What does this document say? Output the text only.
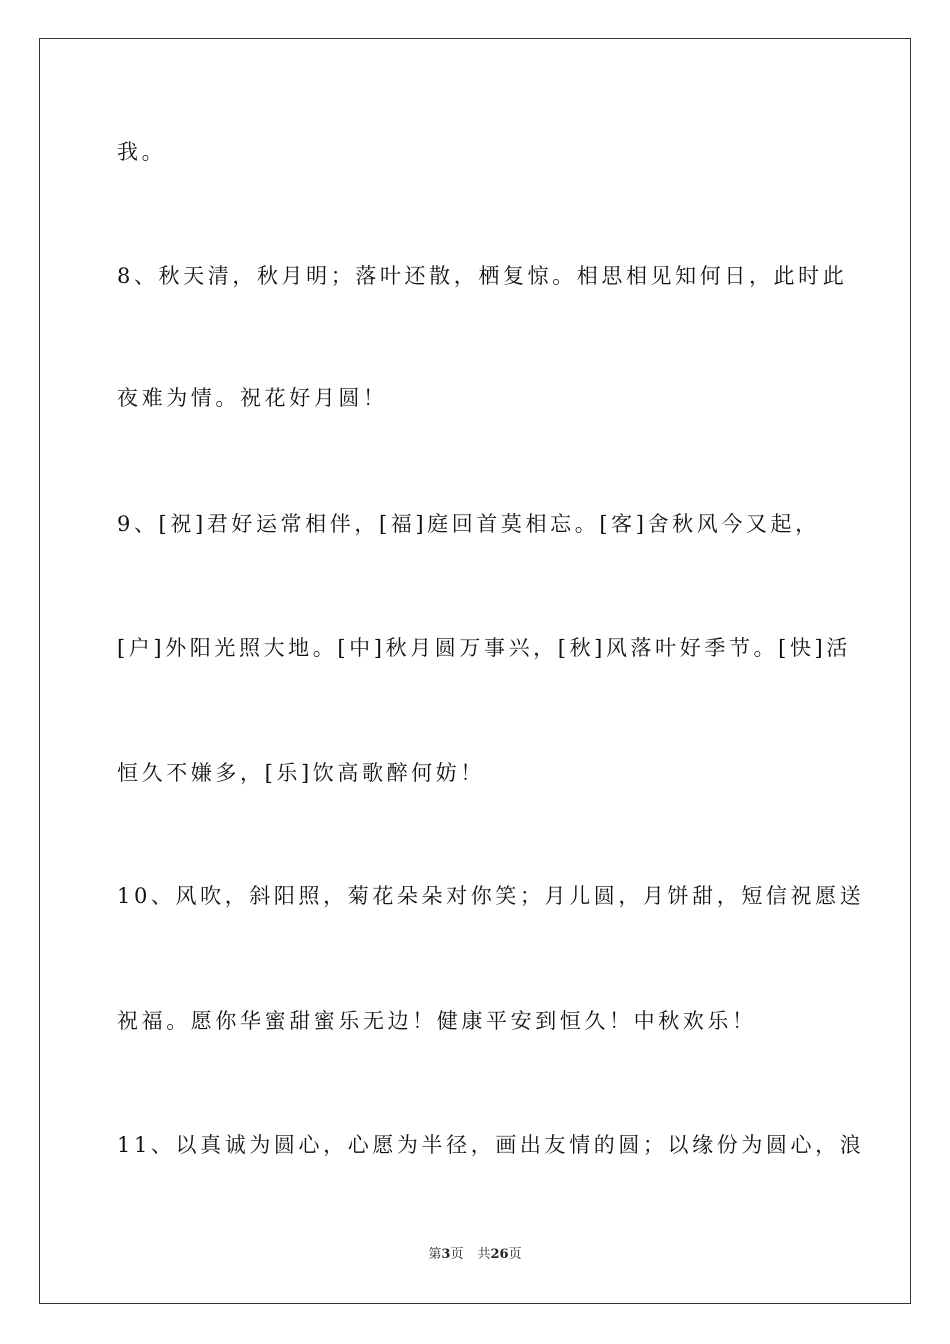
我。

8、秋天清，秋月明；落叶还散，栖复惊。相思相见知何日，此时此

夜难为情。祝花好月圆！

9、[祝]君好运常相伴，[福]庭回首莫相忘。[客]舍秋风今又起，

[户]外阳光照大地。[中]秋月圆万事兴，[秋]风落叶好季节。[快]活

恒久不嫌多，[乐]饮高歌醉何妨！

10、风吹，斜阳照，菊花朵朵对你笑；月儿圆，月饼甜，短信祝愿送

祝福。愿你华蜜甜蜜乐无边！健康平安到恒久！中秋欢乐！

11、以真诚为圆心，心愿为半径，画出友情的圆；以缘份为圆心，浪

第3页 共26页
